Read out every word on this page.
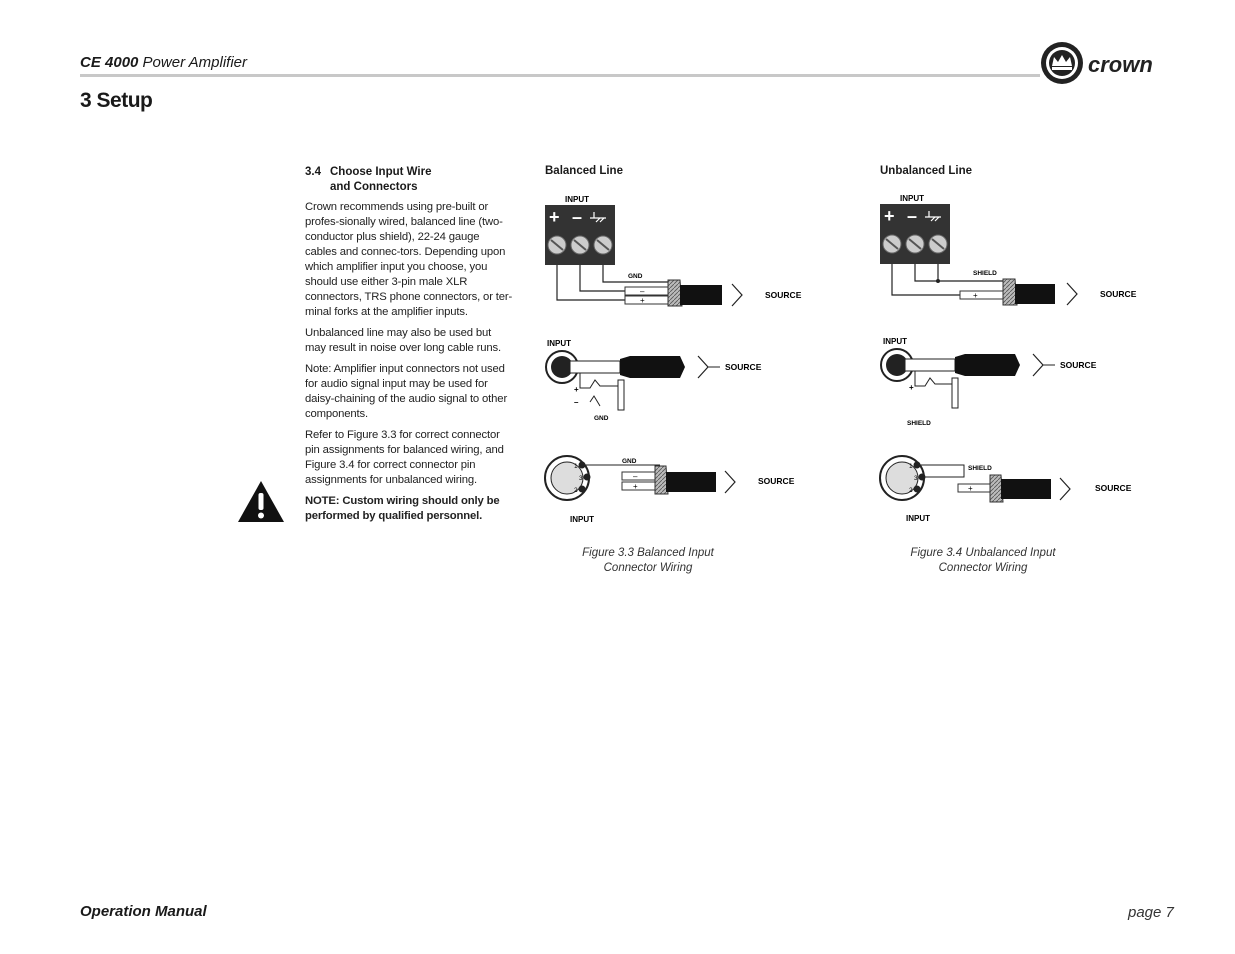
CE 4000 Power Amplifier
3 Setup
crown
3.4 Choose Input Wire
and Connectors

Crown recommends using pre-built or profes-sionally wired, balanced line (two-conductor plus shield), 22-24 gauge cables and connec-tors. Depending upon which amplifier input you choose, you should use either 3-pin male XLR connectors, TRS phone connectors, or ter-minal forks at the amplifier inputs.

Unbalanced line may also be used but may result in noise over long cable runs.

Note: Amplifier input connectors not used for audio signal input may be used for daisy-chaining of the audio signal to other components.

Refer to Figure 3.3 for correct connector pin assignments for balanced wiring, and Figure 3.4 for correct connector pin assignments for unbalanced wiring.

NOTE: Custom wiring should only be performed by qualified personnel.

Balanced Line	Unbalanced Line
INPUT
+ –
GND
–
+
SOURCE
INPUT
SOURCE
+
–
GND
1
3
2
–
+
GND
SOURCE
INPUT
INPUT
+ –
SHIELD
+	SOURCE
INPUT
SOURCE
+
SHIELD
1
3
2	+
SHIELD
SOURCE
INPUT
Figure 3.3 Balanced Input
Connector Wiring
Figure 3.4 Unbalanced Input
Connector Wiring
Operation Manual	page 7
